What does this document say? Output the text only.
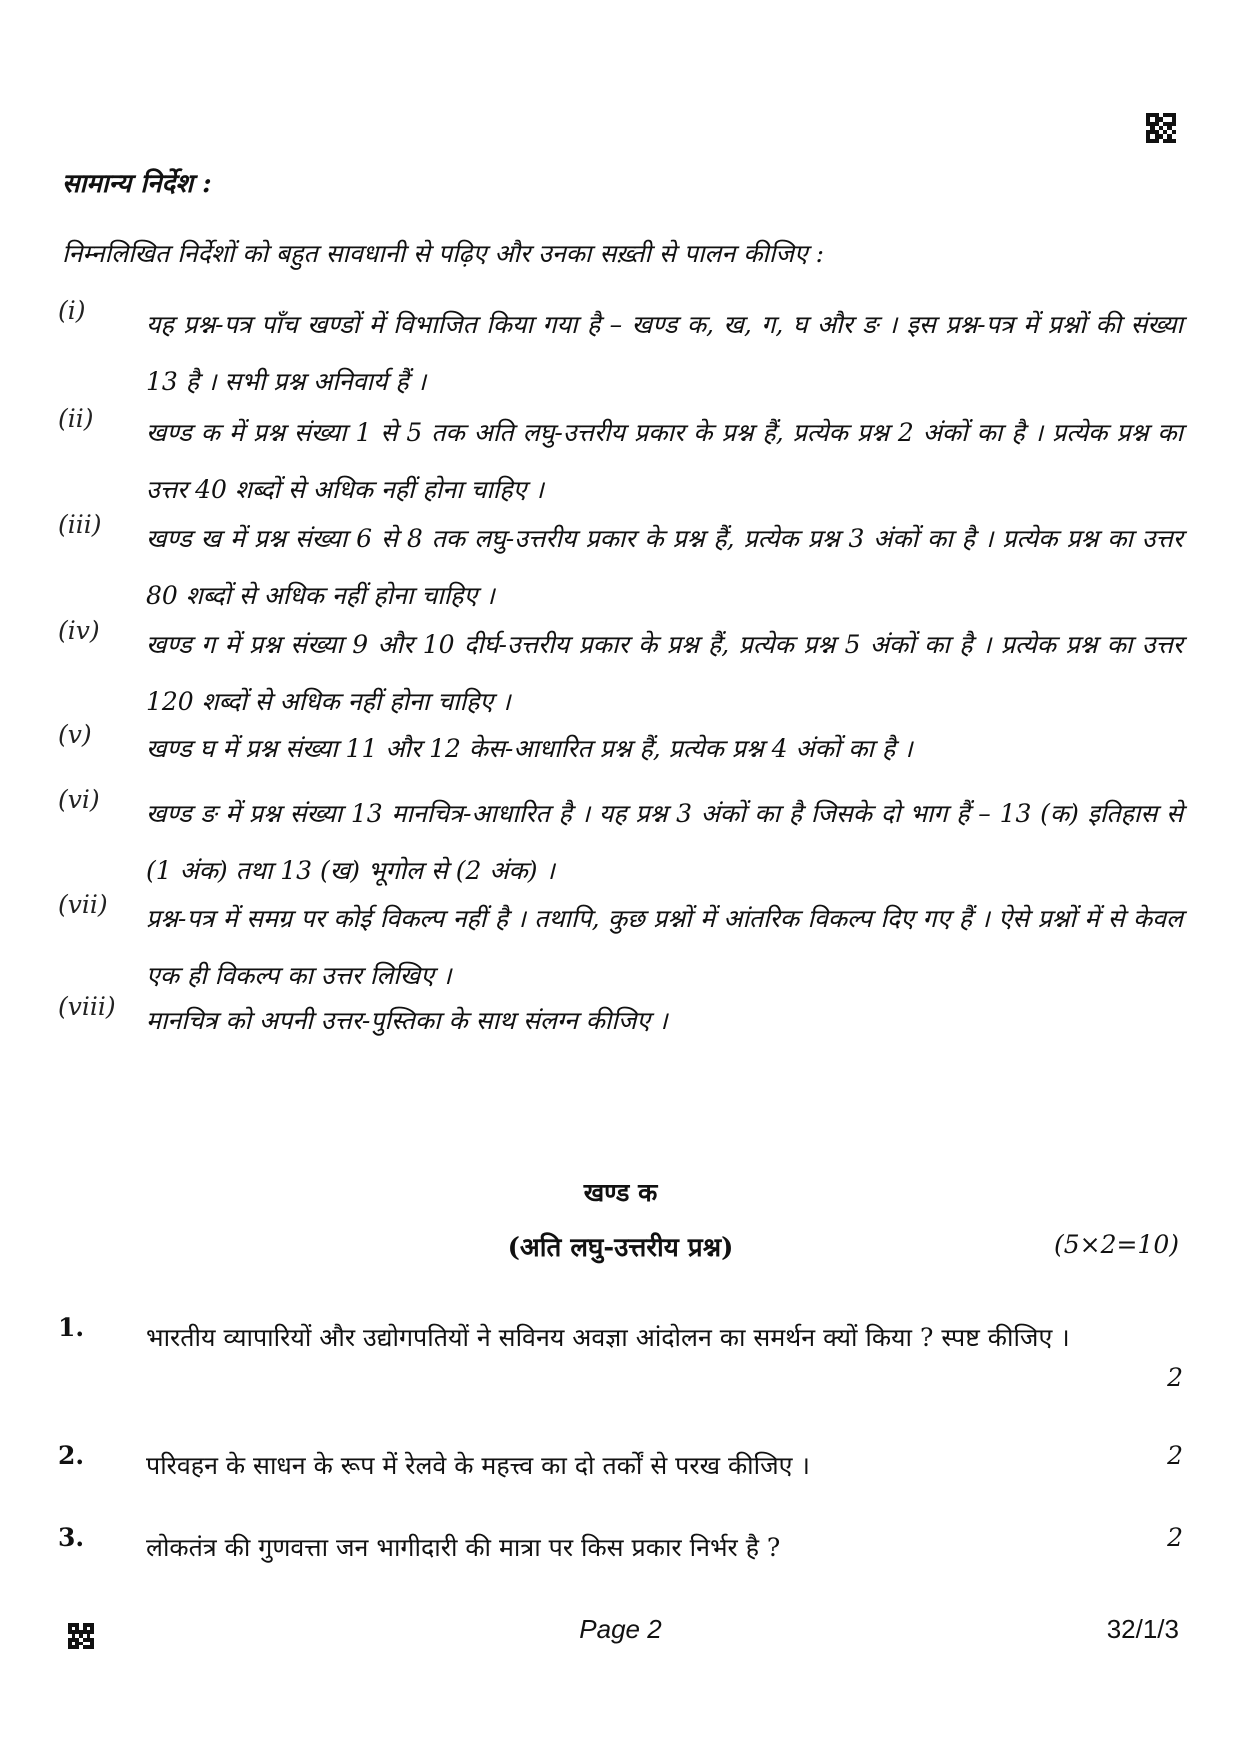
सामान्य निर्देश :
निम्नलिखित निर्देशों को बहुत सावधानी से पढ़िए और उनका सख़्ती से पालन कीजिए :
(i) यह प्रश्न-पत्र पाँच खण्डों में विभाजित किया गया है – खण्ड क, ख, ग, घ और ङ । इस प्रश्न-पत्र में प्रश्नों की संख्या 13 है । सभी प्रश्न अनिवार्य हैं ।
(ii) खण्ड क में प्रश्न संख्या 1 से 5 तक अति लघु-उत्तरीय प्रकार के प्रश्न हैं, प्रत्येक प्रश्न 2 अंकों का है । प्रत्येक प्रश्न का उत्तर 40 शब्दों से अधिक नहीं होना चाहिए ।
(iii) खण्ड ख में प्रश्न संख्या 6 से 8 तक लघु-उत्तरीय प्रकार के प्रश्न हैं, प्रत्येक प्रश्न 3 अंकों का है । प्रत्येक प्रश्न का उत्तर 80 शब्दों से अधिक नहीं होना चाहिए ।
(iv) खण्ड ग में प्रश्न संख्या 9 और 10 दीर्घ-उत्तरीय प्रकार के प्रश्न हैं, प्रत्येक प्रश्न 5 अंकों का है । प्रत्येक प्रश्न का उत्तर 120 शब्दों से अधिक नहीं होना चाहिए ।
(v) खण्ड घ में प्रश्न संख्या 11 और 12 केस-आधारित प्रश्न हैं, प्रत्येक प्रश्न 4 अंकों का है ।
(vi) खण्ड ङ में प्रश्न संख्या 13 मानचित्र-आधारित है । यह प्रश्न 3 अंकों का है जिसके दो भाग हैं – 13 (क) इतिहास से (1 अंक) तथा 13 (ख) भूगोल से (2 अंक) ।
(vii) प्रश्न-पत्र में समग्र पर कोई विकल्प नहीं है । तथापि, कुछ प्रश्नों में आंतरिक विकल्प दिए गए हैं । ऐसे प्रश्नों में से केवल एक ही विकल्प का उत्तर लिखिए ।
(viii) मानचित्र को अपनी उत्तर-पुस्तिका के साथ संलग्न कीजिए ।
खण्ड क
(अति लघु-उत्तरीय प्रश्न)	(5×2=10)
1. भारतीय व्यापारियों और उद्योगपतियों ने सविनय अवज्ञा आंदोलन का समर्थन क्यों किया ? स्पष्ट कीजिए ।
2
2. परिवहन के साधन के रूप में रेलवे के महत्त्व का दो तर्कों से परख कीजिए ।	2
3. लोकतंत्र की गुणवत्ता जन भागीदारी की मात्रा पर किस प्रकार निर्भर है ?	2
Page 2	32/1/3
